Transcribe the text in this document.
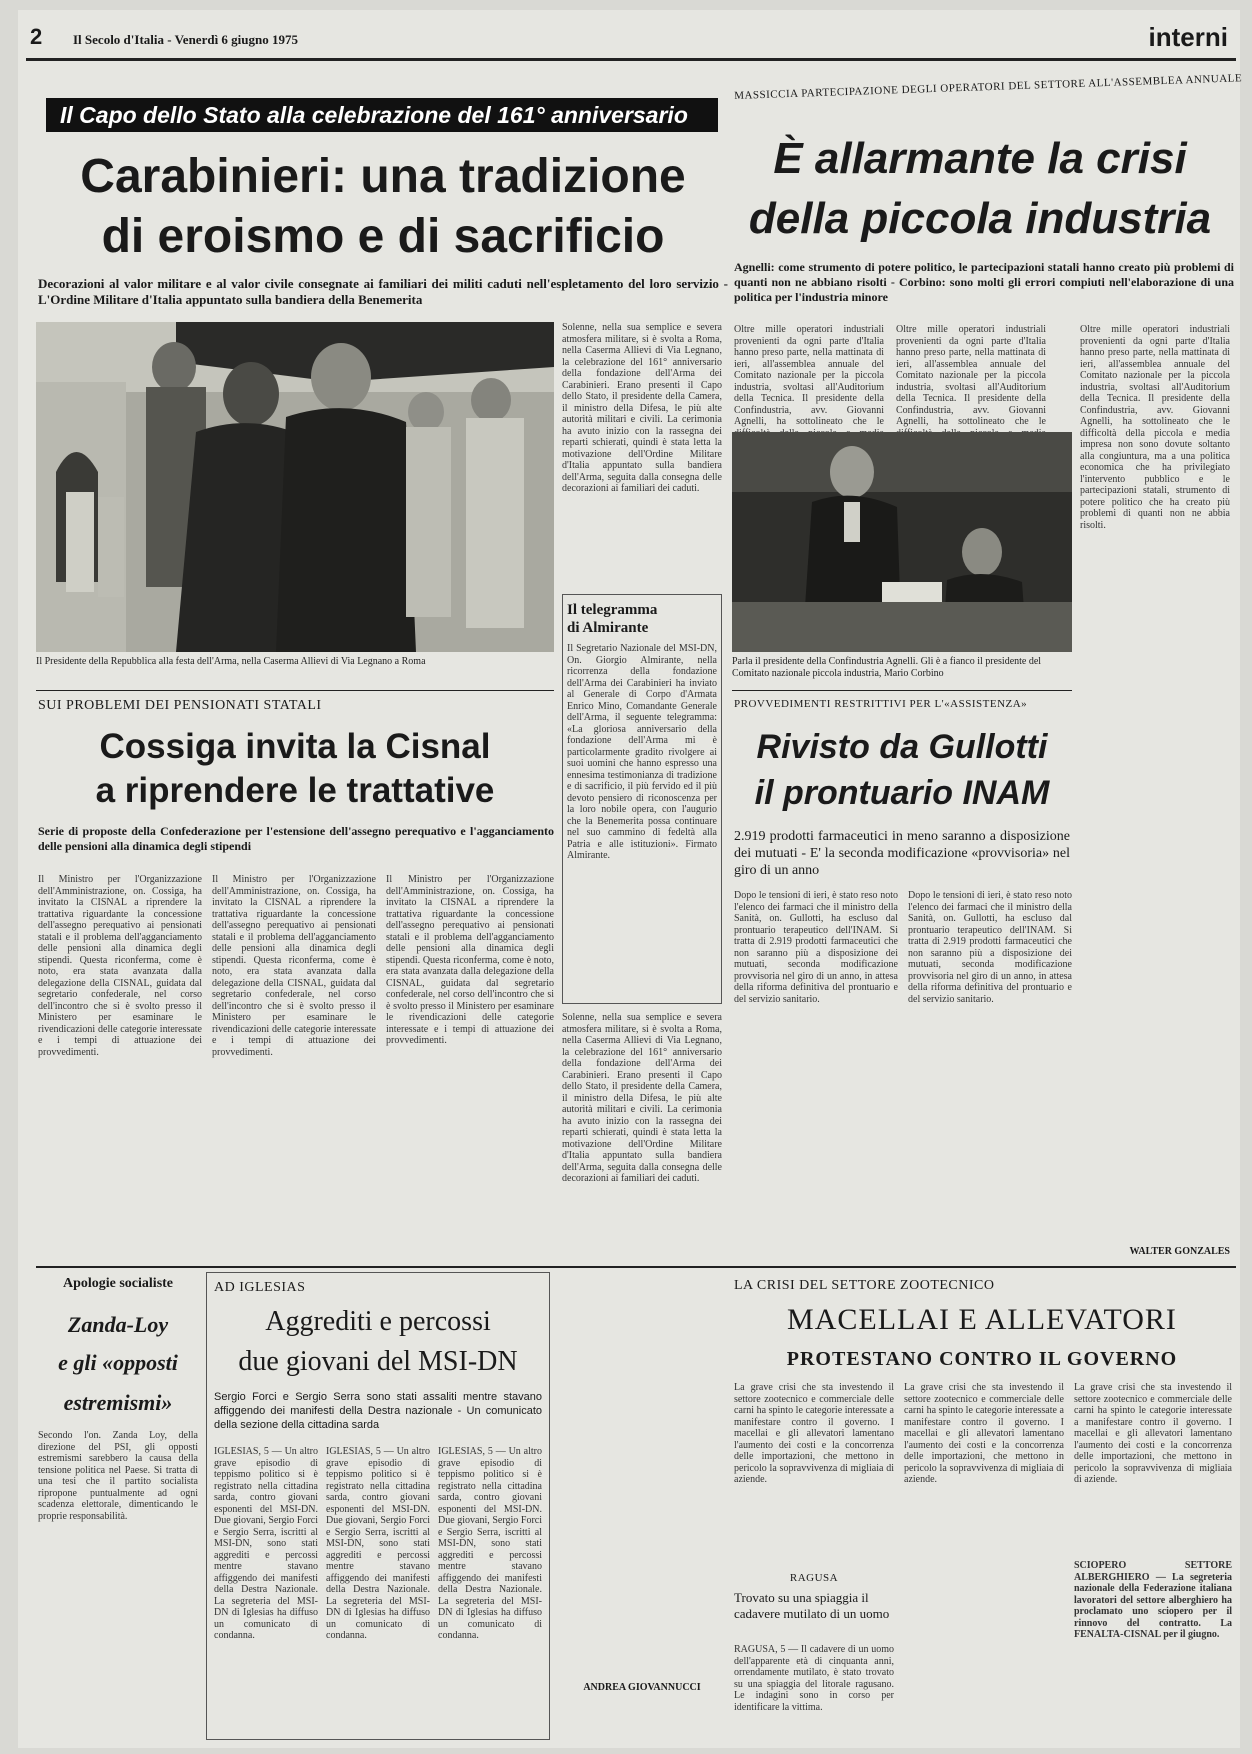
2 Il Secolo d'Italia - Venerdì 6 giugno 1975	interni
Il Capo dello Stato alla celebrazione del 161° anniversario
Carabinieri: una tradizione
di eroismo e di sacrificio
Decorazioni al valor militare e al valor civile consegnate ai familiari dei militi caduti nell'espletamento del loro servizio - L'Ordine Militare d'Italia appuntato sulla bandiera della Benemerita
Il Presidente della Repubblica alla festa dell'Arma, nella Caserma Allievi di Via Legnano a Roma
Solenne, nella sua semplice e severa atmosfera militare, si è svolta a Roma, nella Caserma Allievi di Via Legnano, la celebrazione del 161° anniversario della fondazione dell'Arma dei Carabinieri. Erano presenti il Capo dello Stato, il presidente della Camera, il ministro della Difesa, le più alte autorità militari e civili. La cerimonia ha avuto inizio con la rassegna dei reparti schierati, quindi è stata letta la motivazione dell'Ordine Militare d'Italia appuntato sulla bandiera dell'Arma, seguita dalla consegna delle decorazioni ai familiari dei caduti.
Il telegramma
di Almirante
Il Segretario Nazionale del MSI-DN, On. Giorgio Almirante, nella ricorrenza della fondazione dell'Arma dei Carabinieri ha inviato al Generale di Corpo d'Armata Enrico Mino, Comandante Generale dell'Arma, il seguente telegramma: «La gloriosa anniversario della fondazione dell'Arma mi è particolarmente gradito rivolgere ai suoi uomini che hanno espresso una ennesima testimonianza di tradizione e di sacrificio, il più fervido ed il più devoto pensiero di riconoscenza per la loro nobile opera, con l'augurio che la Benemerita possa continuare nel suo cammino di fedeltà alla Patria e alle istituzioni». Firmato Almirante.
MASSICCIA PARTECIPAZIONE DEGLI OPERATORI DEL SETTORE ALL'ASSEMBLEA ANNUALE
È allarmante la crisi
della piccola industria
Agnelli: come strumento di potere politico, le partecipazioni statali hanno creato più problemi di quanti non ne abbiano risolti - Corbino: sono molti gli errori compiuti nell'elaborazione di una politica per l'industria minore
Oltre mille operatori industriali provenienti da ogni parte d'Italia hanno preso parte, nella mattinata di ieri, all'assemblea annuale del Comitato nazionale per la piccola industria, svoltasi all'Auditorium della Tecnica. Il presidente della Confindustria, avv. Giovanni Agnelli, ha sottolineato che le
Oltre mille operatori industriali provenienti da ogni parte d'Italia hanno preso parte, nella mattinata di ieri, all'assemblea annuale del Comitato nazionale per la piccola industria, svoltasi all'Auditorium della Tecnica. Il presidente della Confindustria, avv. Giovanni Agnelli, ha sottolineato che le
Parla il presidente della Confindustria Agnelli. Gli è a fianco il presidente del Comitato nazionale piccola industria, Mario Corbino
Oltre mille operatori industriali provenienti da ogni parte d'Italia hanno preso parte, nella mattinata di ieri, all'assemblea annuale del Comitato nazionale per la piccola industria, svoltasi all'Auditorium della Tecnica. Il presidente della Confindustria, avv. Giovanni Agnelli, ha sottolineato che le difficoltà della piccola e media impresa non sono dovute soltanto alla congiuntura, ma a una politica economica che ha privilegiato l'intervento pubblico e le partecipazioni statali, strumento di potere politico che ha creato più problemi di quanti non ne abbia risolti.
WALTER GONZALES
SUI PROBLEMI DEI PENSIONATI STATALI
Cossiga invita la Cisnal
a riprendere le trattative
Serie di proposte della Confederazione per l'estensione dell'assegno perequativo e l'agganciamento delle pensioni alla dinamica degli stipendi
Il Ministro per l'Organizzazione dell'Amministrazione, on. Cossiga, ha invitato la CISNAL a riprendere la trattativa riguardante la concessione dell'assegno perequativo ai pensionati statali e il problema dell'agganciamento delle pensioni alla dinamica degli stipendi. Questa riconferma, come è noto, era stata avanzata dalla delegazione della CISNAL, guidata dal segretario confederale, nel corso dell'incontro che si è svolto presso il Ministero per esaminare le rivendicazioni delle categorie interessate e i tempi di attuazione dei provvedimenti.
Il Ministro per l'Organizzazione dell'Amministrazione, on. Cossiga, ha invitato la CISNAL a riprendere la trattativa riguardante la concessione dell'assegno perequativo ai pensionati statali e il problema dell'agganciamento delle pensioni alla dinamica degli stipendi. Questa riconferma, come è noto, era stata avanzata dalla delegazione della CISNAL, guidata dal segretario confederale, nel corso dell'incontro che si è svolto presso il Ministero per esaminare le rivendicazioni delle categorie interessate e i tempi di attuazione dei provvedimenti.
Il Ministro per l'Organizzazione dell'Amministrazione, on. Cossiga, ha invitato la CISNAL a riprendere la trattativa riguardante la concessione dell'assegno perequativo ai pensionati statali e il problema dell'agganciamento delle pensioni alla dinamica degli stipendi. Questa riconferma, come è noto, era stata avanzata dalla delegazione della CISNAL, guidata dal segretario confederale, nel corso dell'incontro che si è svolto presso il Ministero per esaminare le rivendicazioni delle categorie interessate e i tempi di attuazione dei provvedimenti.
PROVVEDIMENTI RESTRITTIVI PER L'«ASSISTENZA»
Rivisto da Gullotti
il prontuario INAM
2.919 prodotti farmaceutici in meno saranno a disposizione dei mutuati - E' la seconda modificazione «provvisoria» nel giro di un anno
Dopo le tensioni di ieri, è stato reso noto l'elenco dei farmaci che il ministro della Sanità, on. Gullotti, ha escluso dal prontuario terapeutico dell'INAM. Si tratta di 2.919 prodotti farmaceutici che non saranno più a disposizione dei mutuati, seconda modificazione provvisoria nel giro di un anno, in attesa della riforma definitiva del prontuario e del servizio sanitario.
Dopo le tensioni di ieri, è stato reso noto l'elenco dei farmaci che il ministro della Sanità, on. Gullotti, ha escluso dal prontuario terapeutico dell'INAM. Si tratta di 2.919 prodotti farmaceutici che non saranno più a disposizione dei mutuati, seconda modificazione provvisoria nel giro di un anno, in attesa della riforma definitiva del prontuario e del servizio sanitario.
Solenne, nella sua semplice e severa atmosfera militare, si è svolta a Roma, nella Caserma Allievi di Via Legnano, la celebrazione del 161° anniversario della fondazione dell'Arma dei Carabinieri. Erano presenti il Capo dello Stato, il presidente della Camera, il ministro della Difesa, le più alte autorità militari e civili. La cerimonia ha avuto inizio con la rassegna dei reparti schierati, quindi è stata letta la motivazione dell'Ordine Militare d'Italia appuntato sulla bandiera dell'Arma, seguita dalla consegna delle decorazioni ai familiari dei caduti.
ANDREA GIOVANNUCCI
Apologie socialiste
Zanda-Loy
e gli «opposti
estremismi»
Secondo l'on. Zanda Loy, della direzione del PSI, gli opposti estremismi sarebbero la causa della tensione politica nel Paese. Si tratta di una tesi che il partito socialista ripropone puntualmente ad ogni scadenza elettorale, dimenticando le proprie responsabilità.
AD IGLESIAS
Aggrediti e percossi
due giovani del MSI-DN
Sergio Forci e Sergio Serra sono stati assaliti mentre stavano affiggendo dei manifesti della Destra nazionale - Un comunicato della sezione della cittadina sarda
IGLESIAS, 5 — Un altro grave episodio di teppismo politico si è registrato nella cittadina sarda, contro giovani esponenti del MSI-DN. Due giovani, Sergio Forci e Sergio Serra, iscritti al MSI-DN, sono stati aggrediti e percossi mentre stavano affiggendo dei manifesti della Destra Nazionale. La segreteria del MSI-DN di Iglesias ha diffuso un comunicato di condanna.
IGLESIAS, 5 — Un altro grave episodio di teppismo politico si è registrato nella cittadina sarda, contro giovani esponenti del MSI-DN. Due giovani, Sergio Forci e Sergio Serra, iscritti al MSI-DN, sono stati aggrediti e percossi mentre stavano affiggendo dei manifesti della Destra Nazionale. La segreteria del MSI-DN di Iglesias ha diffuso un comunicato di condanna.
IGLESIAS, 5 — Un altro grave episodio di teppismo politico si è registrato nella cittadina sarda, contro giovani esponenti del MSI-DN. Due giovani, Sergio Forci e Sergio Serra, iscritti al MSI-DN, sono stati aggrediti e percossi mentre stavano affiggendo dei manifesti della Destra Nazionale. La segreteria del MSI-DN di Iglesias ha diffuso un comunicato di condanna.
RAGUSA
Trovato su una spiaggia il cadavere mutilato di un uomo
RAGUSA, 5 — Il cadavere di un uomo dell'apparente età di cinquanta anni, orrendamente mutilato, è stato trovato su una spiaggia del litorale ragusano. Le indagini sono in corso per identificare la vittima.
LA CRISI DEL SETTORE ZOOTECNICO
MACELLAI E ALLEVATORI
PROTESTANO CONTRO IL GOVERNO
La grave crisi che sta investendo il settore zootecnico e commerciale delle carni ha spinto le categorie interessate a manifestare contro il governo. I macellai e gli allevatori lamentano l'aumento dei costi e la concorrenza delle importazioni, che mettono in pericolo la sopravvivenza di migliaia di aziende.
La grave crisi che sta investendo il settore zootecnico e commerciale delle carni ha spinto le categorie interessate a manifestare contro il governo. I macellai e gli allevatori lamentano l'aumento dei costi e la concorrenza delle importazioni, che mettono in pericolo la sopravvivenza di migliaia di aziende.
La grave crisi che sta investendo il settore zootecnico e commerciale delle carni ha spinto le categorie interessate a manifestare contro il governo. I macellai e gli allevatori lamentano l'aumento dei costi e la concorrenza delle importazioni, che mettono in pericolo la sopravvivenza di migliaia di aziende.
SCIOPERO SETTORE ALBERGHIERO — La segreteria nazionale della Federazione italiana lavoratori del settore alberghiero ha proclamato uno sciopero per il rinnovo del contratto. La FENALTA-CISNAL per il giugno.
